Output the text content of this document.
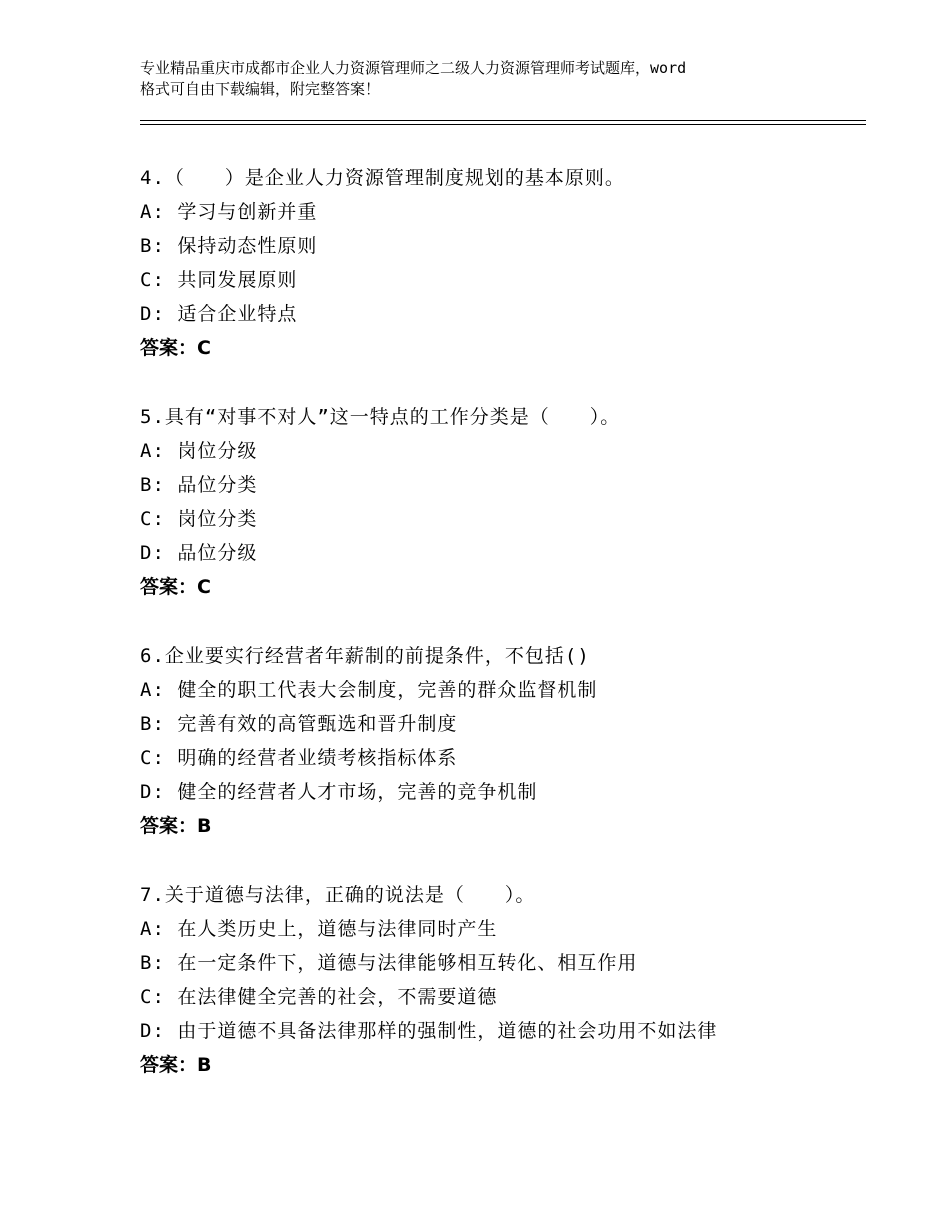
专业精品重庆市成都市企业人力资源管理师之二级人力资源管理师考试题库，word
格式可自由下载编辑，附完整答案！
4.（　　）是企业人力资源管理制度规划的基本原则。
A: 学习与创新并重
B: 保持动态性原则
C: 共同发展原则
D: 适合企业特点
答案：C
5.具有“对事不对人”这一特点的工作分类是（　　）。
A: 岗位分级
B: 品位分类
C: 岗位分类
D: 品位分级
答案：C
6.企业要实行经营者年薪制的前提条件，不包括()
A: 健全的职工代表大会制度，完善的群众监督机制
B: 完善有效的高管甄选和晋升制度
C: 明确的经营者业绩考核指标体系
D: 健全的经营者人才市场，完善的竞争机制
答案：B
7.关于道德与法律，正确的说法是（　　）。
A: 在人类历史上，道德与法律同时产生
B: 在一定条件下，道德与法律能够相互转化、相互作用
C: 在法律健全完善的社会，不需要道德
D: 由于道德不具备法律那样的强制性，道德的社会功用不如法律
答案：B
